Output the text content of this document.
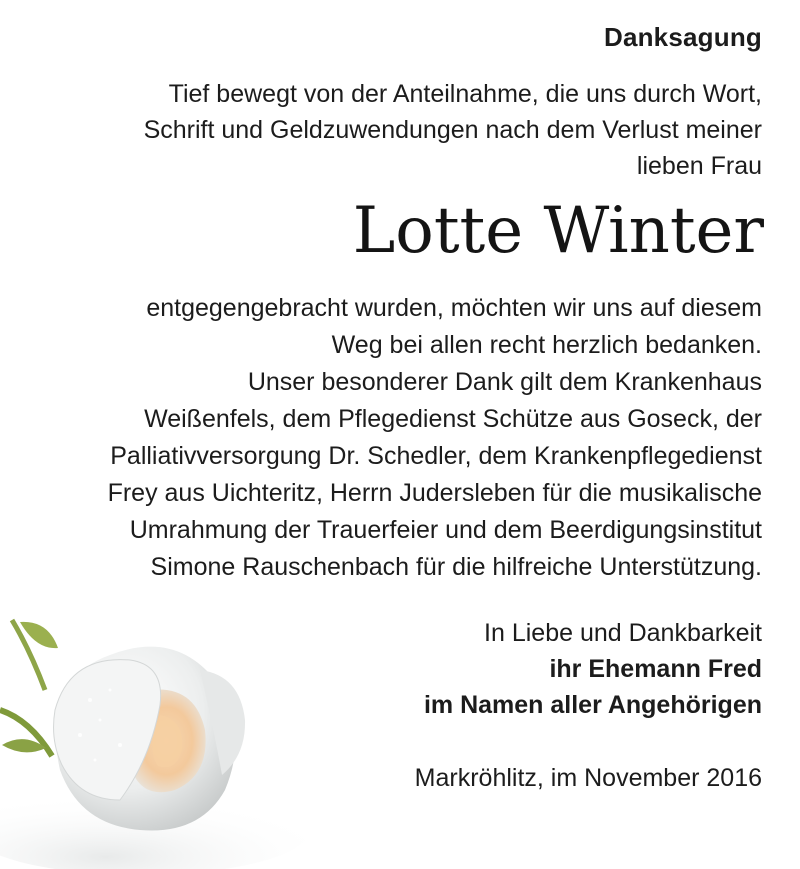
Danksagung
Tief bewegt von der Anteilnahme, die uns durch Wort,
Schrift und Geldzuwendungen nach dem Verlust meiner
lieben Frau
Lotte Winter
entgegengebracht wurden, möchten wir uns auf diesem
Weg bei allen recht herzlich bedanken.
Unser besonderer Dank gilt dem Krankenhaus
Weißenfels, dem Pflegedienst Schütze aus Goseck, der
Palliativversorgung Dr. Schedler, dem Krankenpflegedienst
Frey aus Uichteritz, Herrn Judersleben für die musikalische
Umrahmung der Trauerfeier und dem Beerdigungsinstitut
Simone Rauschenbach für die hilfreiche Unterstützung.
In Liebe und Dankbarkeit
ihr Ehemann Fred
im Namen aller Angehörigen
Markröhlitz, im November 2016
